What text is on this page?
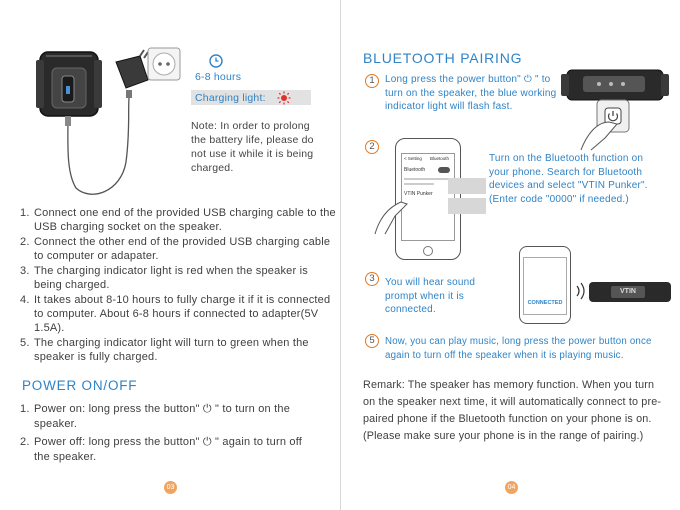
6-8 hours
Charging light:
Note: In order to prolong the battery life, please do not use it while it is being charged.
1. Connect one end of the provided USB charging cable to the USB charging socket on the speaker.
2. Connect the other end of the provided USB charging cable to computer or adapater.
3. The charging indicator light is red when the speaker is being charged.
4. It takes about 8-10 hours to fully charge it if it is connected to computer. About 6-8 hours if connected to adapter(5V 1.5A).
5. The charging indicator light will turn to green when the speaker is fully charged.
POWER ON/OFF
1. Power on: long press the button" ⏻ " to turn on the speaker.
2. Power off: long press the button" ⏻ " again to turn off the speaker.
03
BLUETOOTH PAIRING
1	Long press the power button" ⏻ " to turn on the speaker, the blue working indicator light will flash fast.
2
< Setting Bluetooth
Bluetooth
VTIN Punker
Turn on the Bluetooth function on your phone. Search for Bluetooth devices and select "VTIN Punker". (Enter code "0000" if needed.)
3	You will hear sound prompt when it is connected.
CONNECTED
VTIN
5	Now, you can play music, long press the power button once again to turn off the speaker when it is playing music.
Remark: The speaker has memory function. When you turn on the speaker next time, it will automatically connect to pre-paired phone if the Bluetooth function on your phone is on. (Please make sure your phone is in the range of pairing.)
04
